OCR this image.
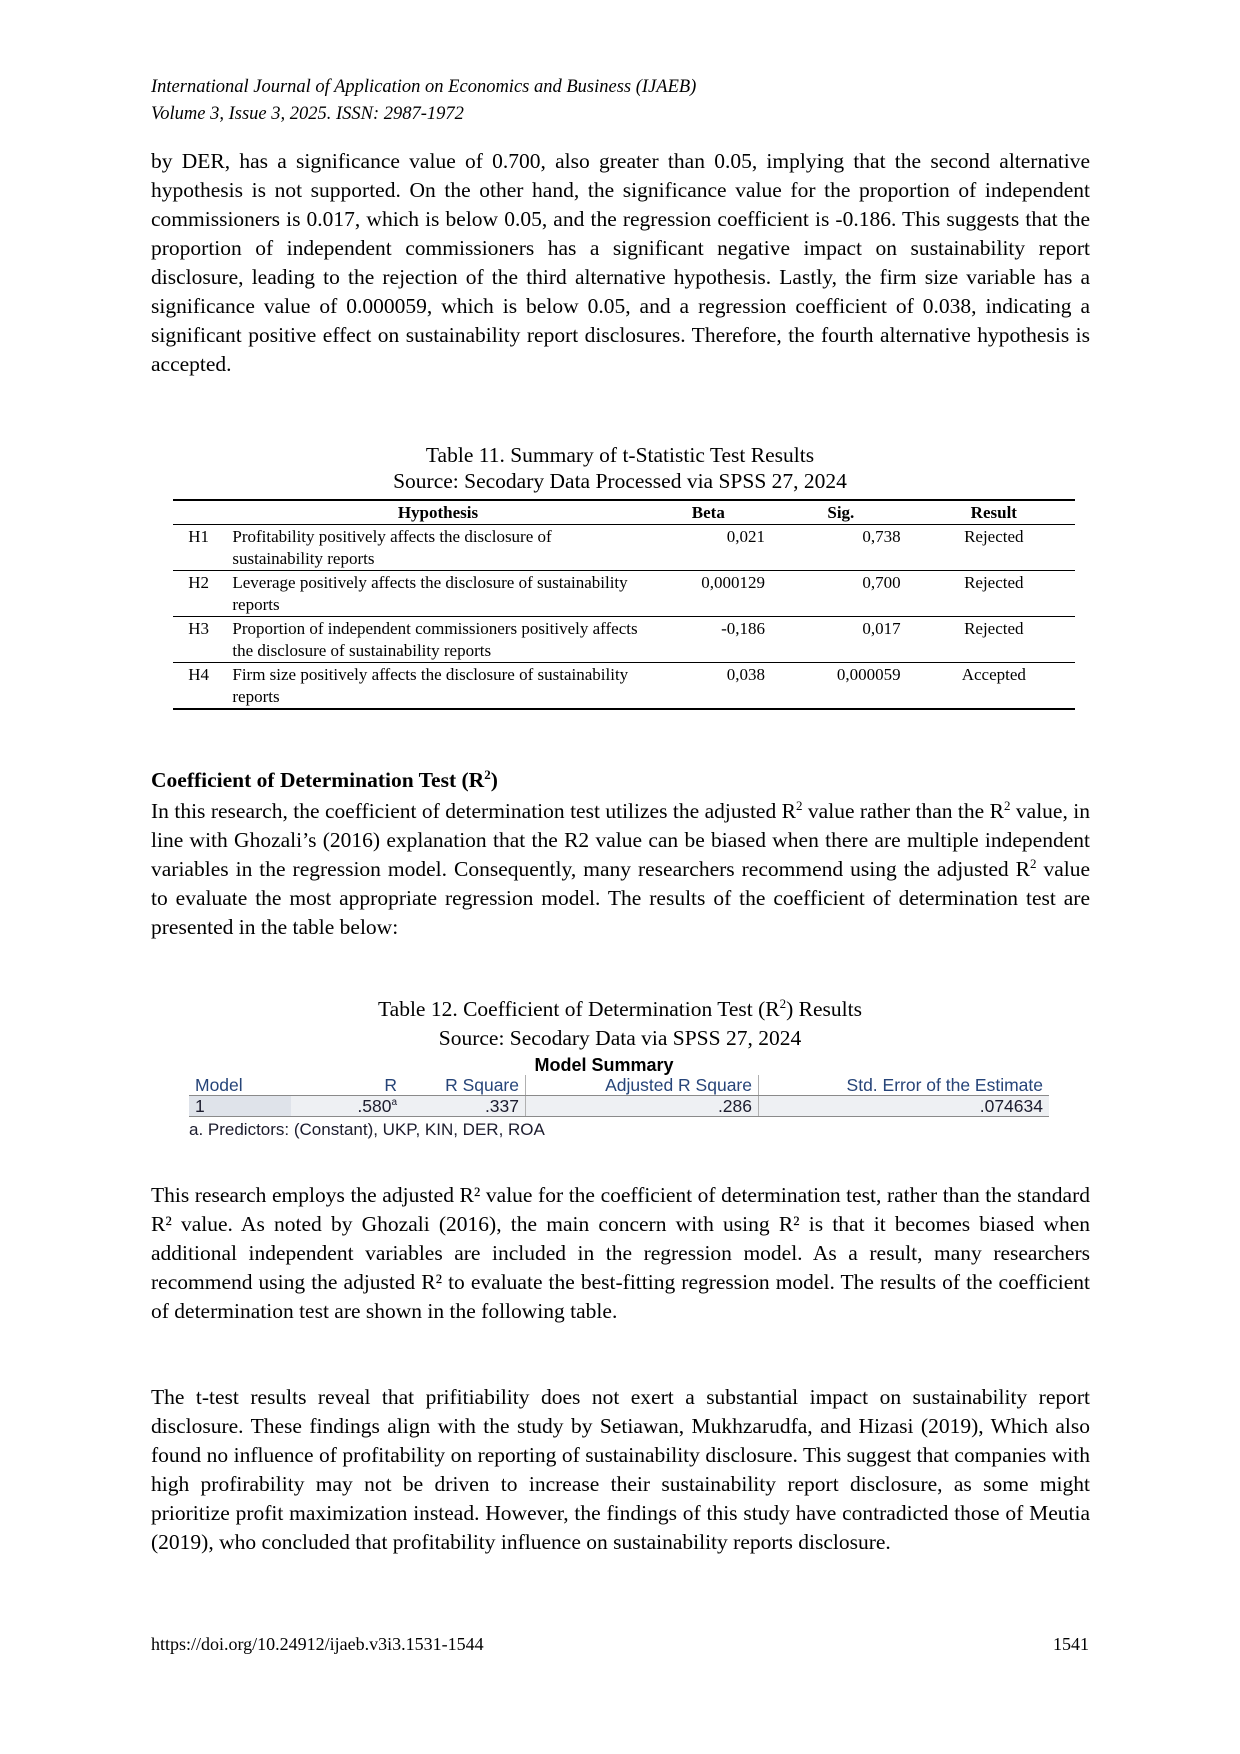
International Journal of Application on Economics and Business (IJAEB)
Volume 3, Issue 3, 2025. ISSN: 2987-1972

by DER, has a significance value of 0.700, also greater than 0.05, implying that the second alternative hypothesis is not supported. On the other hand, the significance value for the proportion of independent commissioners is 0.017, which is below 0.05, and the regression coefficient is -0.186. This suggests that the proportion of independent commissioners has a significant negative impact on sustainability report disclosure, leading to the rejection of the third alternative hypothesis. Lastly, the firm size variable has a significance value of 0.000059, which is below 0.05, and a regression coefficient of 0.038, indicating a significant positive effect on sustainability report disclosures. Therefore, the fourth alternative hypothesis is accepted.

Table 11. Summary of t-Statistic Test Results
Source: Secodary Data Processed via SPSS 27, 2024
	Hypothesis	Beta	Sig.	Result
H1	Profitability positively affects the disclosure of sustainability reports	0,021	0,738	Rejected
H2	Leverage positively affects the disclosure of sustainability reports	0,000129	0,700	Rejected
H3	Proportion of independent commissioners positively affects the disclosure of sustainability reports	-0,186	0,017	Rejected
H4	Firm size positively affects the disclosure of sustainability reports	0,038	0,000059	Accepted
Coefficient of Determination Test $(R^2)$

In this research, the coefficient of determination test utilizes the adjusted $R^2$ value rather than the $R^2$ value, in line with Ghozali’s (2016) explanation that the R2 value can be biased when there are multiple independent variables in the regression model. Consequently, many researchers recommend using the adjusted $R^2$ value to evaluate the most appropriate regression model. The results of the coefficient of determination test are presented in the table below:

Table 12. Coefficient of Determination Test $(R^2)$ Results
Source: Secodary Data via SPSS 27, 2024
Model Summary
Model	R	R Square	Adjusted R Square	Std. Error of the Estimate
1	.580$^a$	.337	.286	.074634
a. Predictors: (Constant), UKP, KIN, DER, ROA

This research employs the adjusted R² value for the coefficient of determination test, rather than the standard R² value. As noted by Ghozali (2016), the main concern with using R² is that it becomes biased when additional independent variables are included in the regression model. As a result, many researchers recommend using the adjusted R² to evaluate the best-fitting regression model. The results of the coefficient of determination test are shown in the following table.

The t-test results reveal that prifitiability does not exert a substantial impact on sustainability report disclosure. These findings align with the study by Setiawan, Mukhzarudfa, and Hizasi (2019), Which also found no influence of profitability on reporting of sustainability disclosure. This suggest that companies with high profirability may not be driven to increase their sustainability report disclosure, as some might prioritize profit maximization instead. However, the findings of this study have contradicted those of Meutia (2019), who concluded that profitability influence on sustainability reports disclosure.

https://doi.org/10.24912/ijaeb.v3i3.1531-1544	1541
